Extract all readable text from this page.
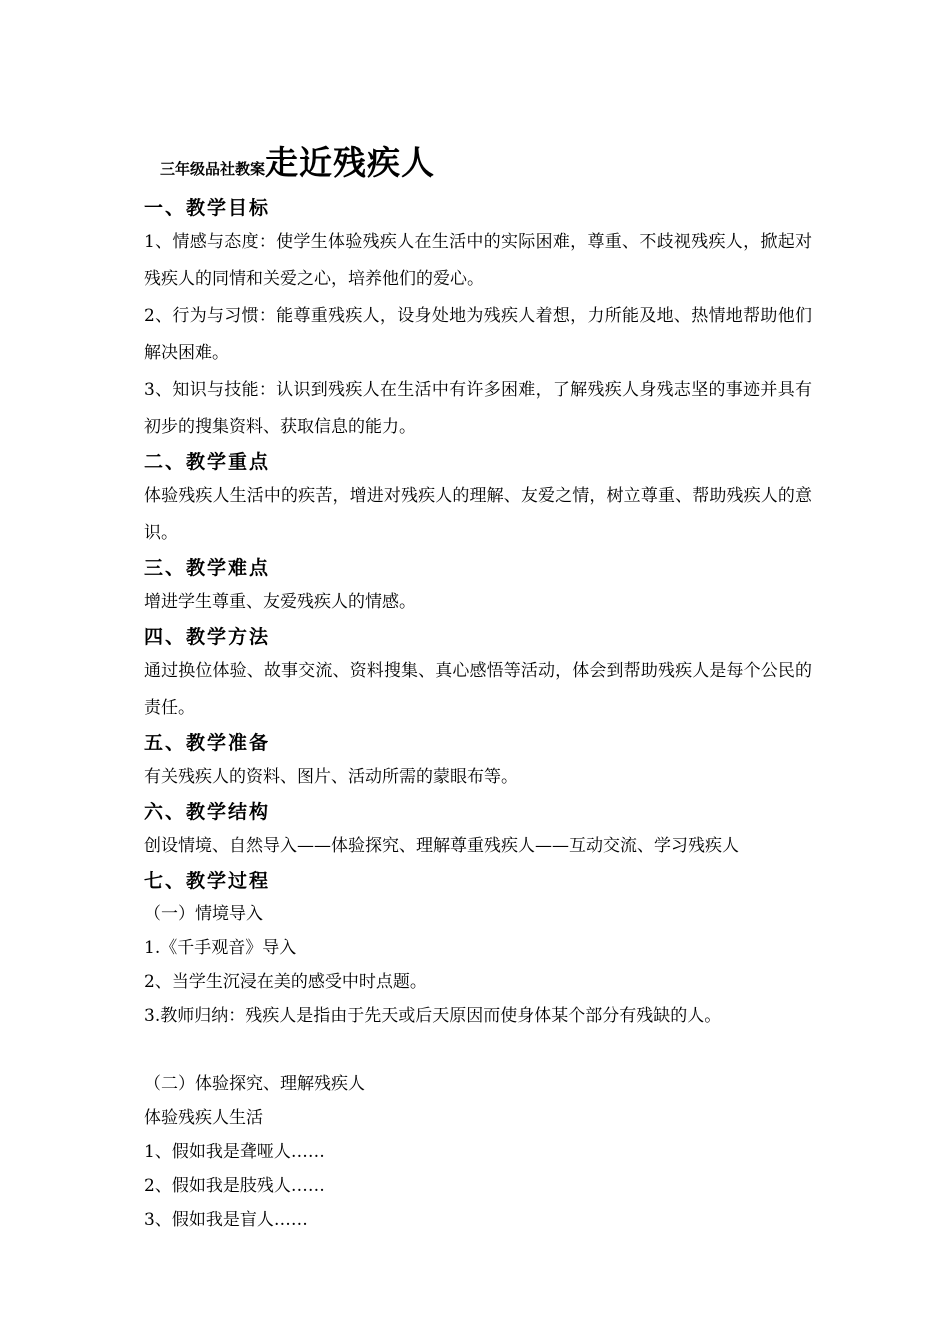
三年级品社教案走近残疾人
一、教学目标
1、情感与态度：使学生体验残疾人在生活中的实际困难，尊重、不歧视残疾人，掀起对残疾人的同情和关爱之心，培养他们的爱心。
2、行为与习惯：能尊重残疾人，设身处地为残疾人着想，力所能及地、热情地帮助他们解决困难。
3、知识与技能：认识到残疾人在生活中有许多困难，了解残疾人身残志坚的事迹并具有初步的搜集资料、获取信息的能力。
二、教学重点
体验残疾人生活中的疾苦，增进对残疾人的理解、友爱之情，树立尊重、帮助残疾人的意识。
三、教学难点
增进学生尊重、友爱残疾人的情感。
四、教学方法
通过换位体验、故事交流、资料搜集、真心感悟等活动，体会到帮助残疾人是每个公民的责任。
五、教学准备
有关残疾人的资料、图片、活动所需的蒙眼布等。
六、教学结构
创设情境、自然导入——体验探究、理解尊重残疾人——互动交流、学习残疾人
七、教学过程
（一）情境导入
1.《千手观音》导入
2、当学生沉浸在美的感受中时点题。
3.教师归纳：残疾人是指由于先天或后天原因而使身体某个部分有残缺的人。
（二）体验探究、理解残疾人
体验残疾人生活
1、假如我是聋哑人……
2、假如我是肢残人……
3、假如我是盲人……
